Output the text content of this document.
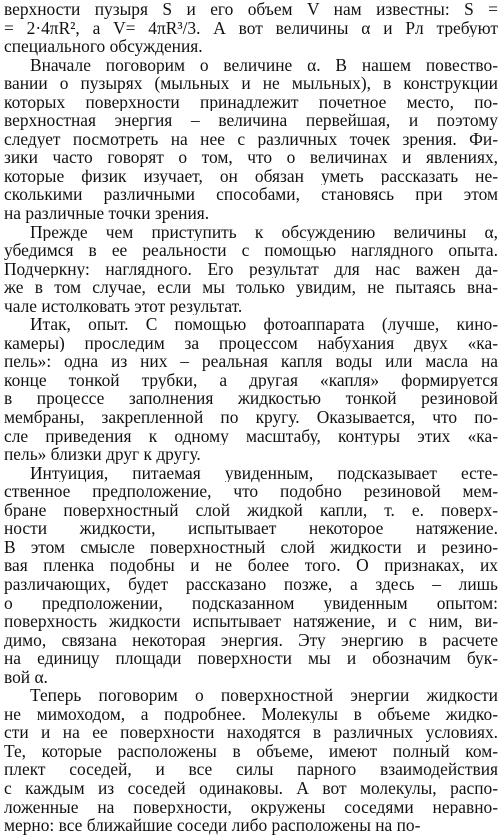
верхности пузыря S и его объем V нам известны: S =
= 2·4πR², а V= 4πR³/3. А вот величины α и Pл требуют
специального обсуждения.
Вначале поговорим о величине α. В нашем повество-
вании о пузырях (мыльных и не мыльных), в конструкции
которых поверхности принадлежит почетное место, по-
верхностная энергия – величина первейшая, и поэтому
следует посмотреть на нее с различных точек зрения. Фи-
зики часто говорят о том, что о величинах и явлениях,
которые физик изучает, он обязан уметь рассказать не-
сколькими различными способами, становясь при этом
на различные точки зрения.
Прежде чем приступить к обсуждению величины α,
убедимся в ее реальности с помощью наглядного опыта.
Подчеркну: наглядного. Его результат для нас важен да-
же в том случае, если мы только увидим, не пытаясь вна-
чале истолковать этот результат.
Итак, опыт. С помощью фотоаппарата (лучше, кино-
камеры) проследим за процессом набухания двух «ка-
пель»: одна из них – реальная капля воды или масла на
конце тонкой трубки, а другая «капля» формируется
в процессе заполнения жидкостью тонкой резиновой
мембраны, закрепленной по кругу. Оказывается, что по-
сле приведения к одному масштабу, контуры этих «ка-
пель» близки друг к другу.
Интуиция, питаемая увиденным, подсказывает есте-
ственное предположение, что подобно резиновой мем-
бране поверхностный слой жидкой капли, т. е. поверх-
ности жидкости, испытывает некоторое натяжение.
В этом смысле поверхностный слой жидкости и резино-
вая пленка подобны и не более того. О признаках, их
различающих, будет рассказано позже, а здесь – лишь
о предположении, подсказанном увиденным опытом:
поверхность жидкости испытывает натяжение, и с ним, ви-
димо, связана некоторая энергия. Эту энергию в расчете
на единицу площади поверхности мы и обозначим бук-
вой α.
Теперь поговорим о поверхностной энергии жидкости
не мимоходом, а подробнее. Молекулы в объеме жидко-
сти и на ее поверхности находятся в различных условиях.
Те, которые расположены в объеме, имеют полный ком-
плект соседей, и все силы парного взаимодействия
с каждым из соседей одинаковы. А вот молекулы, распо-
ложенные на поверхности, окружены соседями неравно-
мерно: все ближайшие соседи либо расположены на по-
